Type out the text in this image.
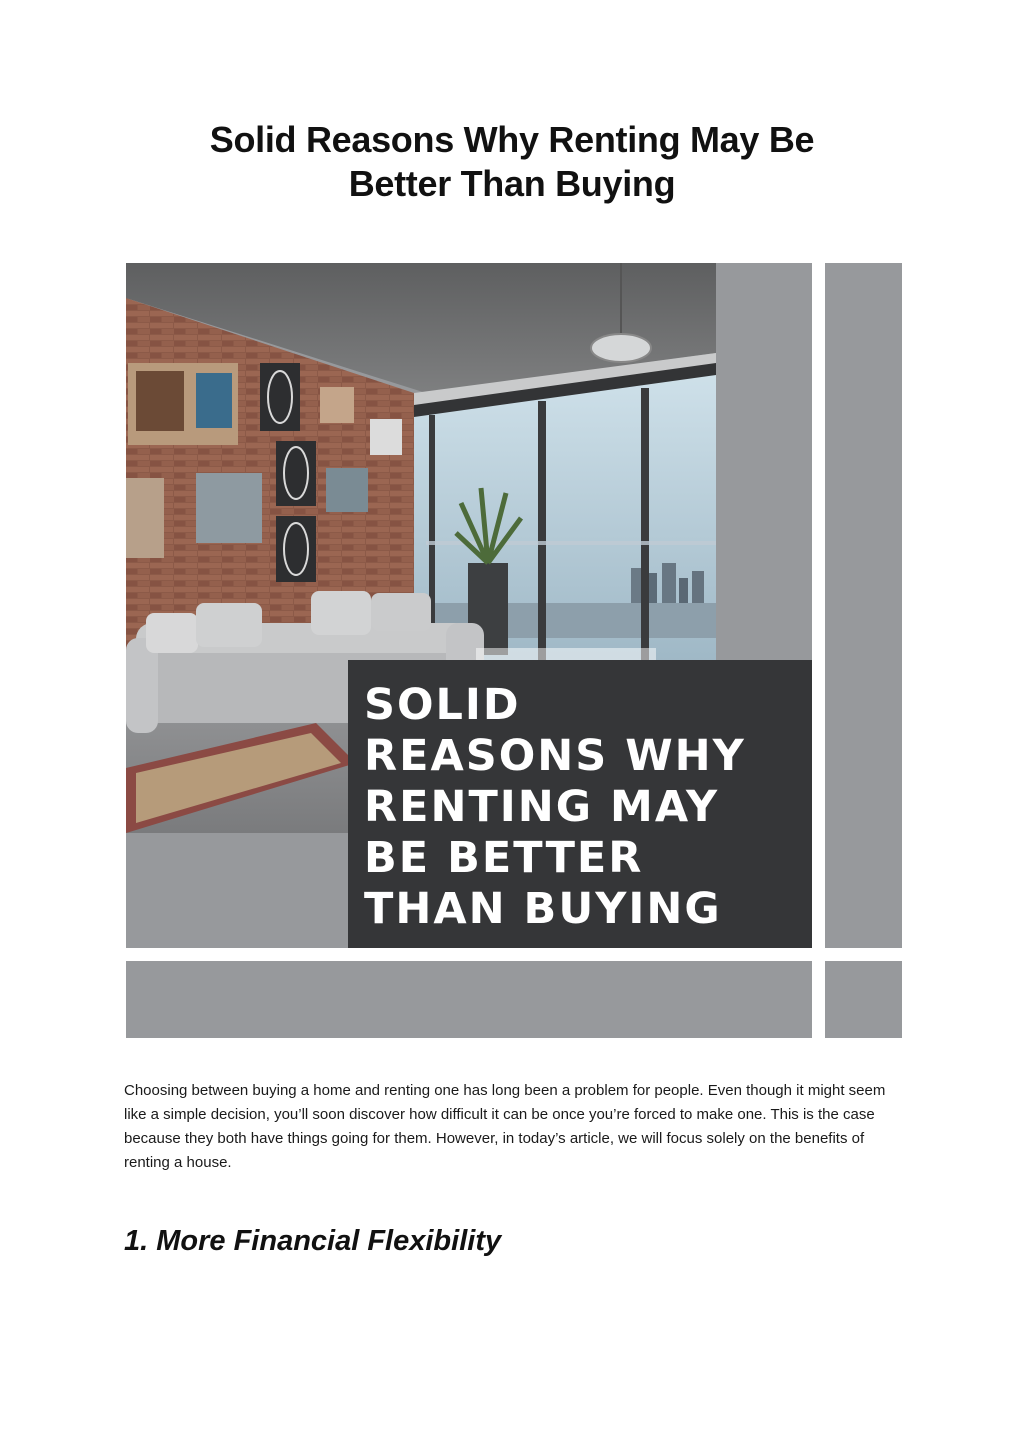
Solid Reasons Why Renting May Be
Better Than Buying
SOLID
REASONS WHY
RENTING MAY
BE BETTER
THAN BUYING

Choosing between buying a home and renting one has long been a problem for people. Even though it might seem like a simple decision, you’ll soon discover how difficult it can be once you’re forced to make one. This is the case because they both have things going for them. However, in today’s article, we will focus solely on the benefits of renting a house.

1. More Financial Flexibility
